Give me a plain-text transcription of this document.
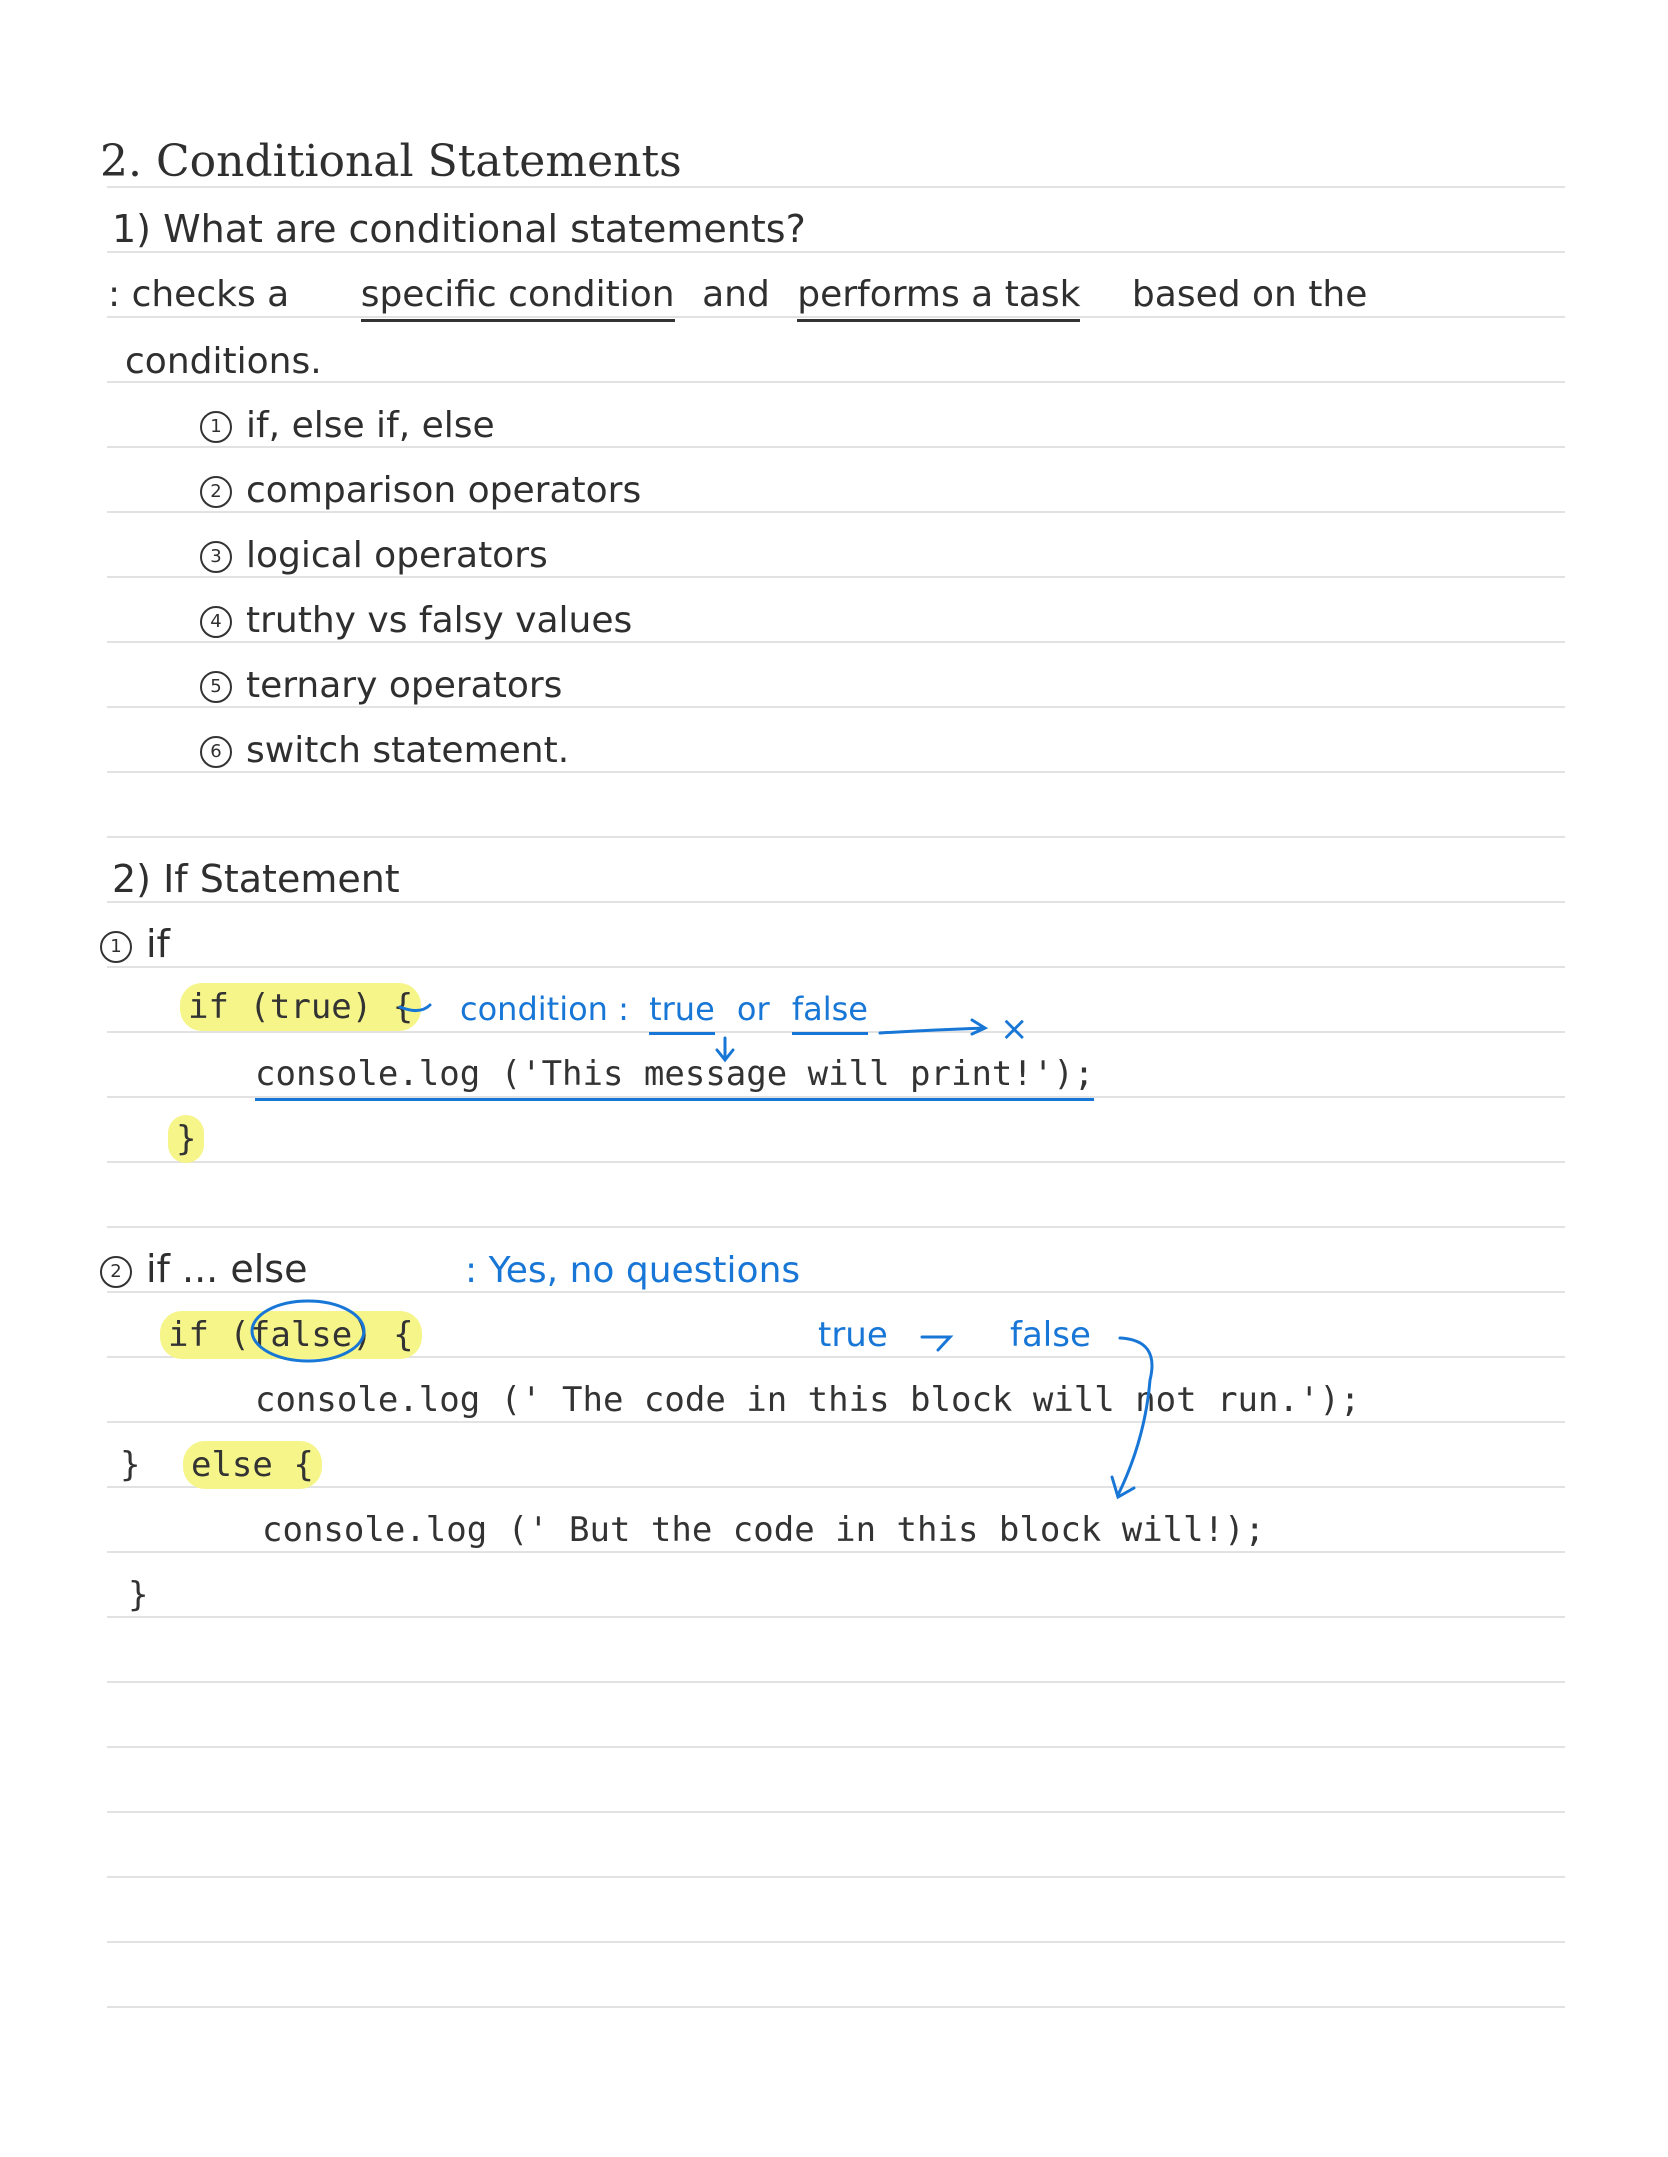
2. Conditional Statements
1) What are conditional statements?
: checks a specific condition and performs a task based on the
conditions.
1 if, else if, else
2 comparison operators
3 logical operators
4 truthy vs falsy values
5 ternary operators
6 switch statement.
2) If Statement
1 if
if (true) { condition : true or false	×
console.log ('This message will print!');
}
2 if ... else	: Yes, no questions
if (false) {	true	false
console.log (' The code in this block will not run.');
} else {
console.log (' But the code in this block will!);
}
